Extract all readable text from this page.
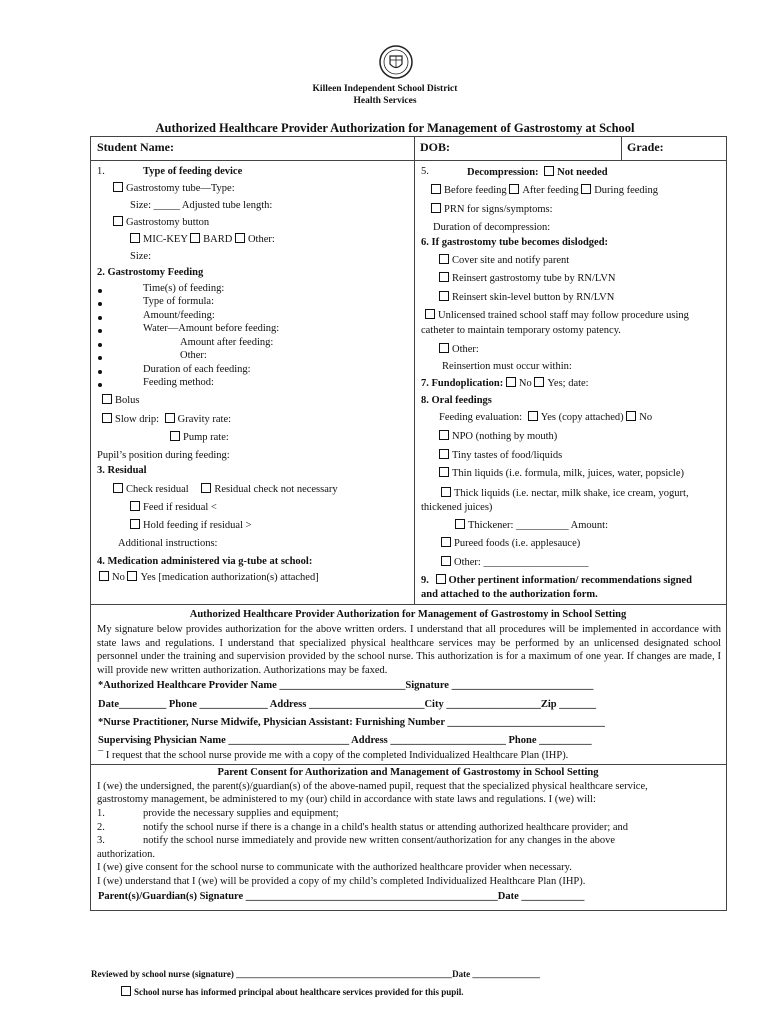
Killeen Independent School District
Health Services
Authorized Healthcare Provider Authorization for Management of Gastrostomy at School
Student Name:	DOB:	Grade:
1.	Type of feeding device
Gastrostomy tube—Type:
Size: _____ Adjusted tube length:
Gastrostomy button
MIC-KEY BARD Other:
Size:
2. Gastrostomy Feeding
Time(s) of feeding:
Type of formula:
Amount/feeding:
Water—Amount before feeding:
Amount after feeding:
Other:
Duration of each feeding:
Feeding method:
Bolus
Slow drip: Gravity rate:
Pump rate:
Pupil’s position during feeding:
3. Residual
Check residual Residual check not necessary
Feed if residual <
Hold feeding if residual >
Additional instructions:
4. Medication administered via g-tube at school:
No Yes [medication authorization(s) attached]
5.	Decompression: Not needed
Before feeding After feeding During feeding
PRN for signs/symptoms:
Duration of decompression:
6. If gastrostomy tube becomes dislodged:
Cover site and notify parent
Reinsert gastrostomy tube by RN/LVN
Reinsert skin-level button by RN/LVN
Unlicensed trained school staff may follow procedure using
catheter to maintain temporary ostomy patency.
Other:
Reinsertion must occur within:
7. Fundoplication: No Yes; date:
8. Oral feedings
Feeding evaluation: Yes (copy attached) No
NPO (nothing by mouth)
Tiny tastes of food/liquids
Thin liquids (i.e. formula, milk, juices, water, popsicle)
Thick liquids (i.e. nectar, milk shake, ice cream, yogurt,
thickened juices)
Thickener: __________ Amount:
Pureed foods (i.e. applesauce)
Other: ____________________
9. Other pertinent information/ recommendations signed
and attached to the authorization form.
Authorized Healthcare Provider Authorization for Management of Gastrostomy in School Setting
My signature below provides authorization for the above written orders. I understand that all procedures will be implemented in accordance with state laws and regulations. I understand that specialized physical healthcare services may be performed by an unlicensed designated school personnel under the training and supervision provided by the school nurse. This authorization is for a maximum of one year. If changes are made, I will provide new written authorization. Authorizations may be faxed.
*Authorized Healthcare Provider Name ________________________Signature ___________________________
Date_________ Phone _____________ Address ______________________City __________________Zip _______
*Nurse Practitioner, Nurse Midwife, Physician Assistant: Furnishing Number ______________________________
Supervising Physician Name _______________________ Address ______________________ Phone __________
¯ I request that the school nurse provide me with a copy of the completed Individualized Healthcare Plan (IHP).
Parent Consent for Authorization and Management of Gastrostomy in School Setting
I (we) the undersigned, the parent(s)/guardian(s) of the above-named pupil, request that the specialized physical healthcare service,
gastrostomy management, be administered to my (our) child in accordance with state laws and regulations. I (we) will:
1.	provide the necessary supplies and equipment;
2.	notify the school nurse if there is a change in a child's health status or attending authorized healthcare provider; and
3.	notify the school nurse immediately and provide new written consent/authorization for any changes in the above
authorization.
I (we) give consent for the school nurse to communicate with the authorized healthcare provider when necessary.
I (we) understand that I (we) will be provided a copy of my child’s completed Individualized Healthcare Plan (IHP).
Parent(s)/Guardian(s) Signature ________________________________________________Date ____________
Reviewed by school nurse (signature) ________________________________________________Date _______________
School nurse has informed principal about healthcare services provided for this pupil.
